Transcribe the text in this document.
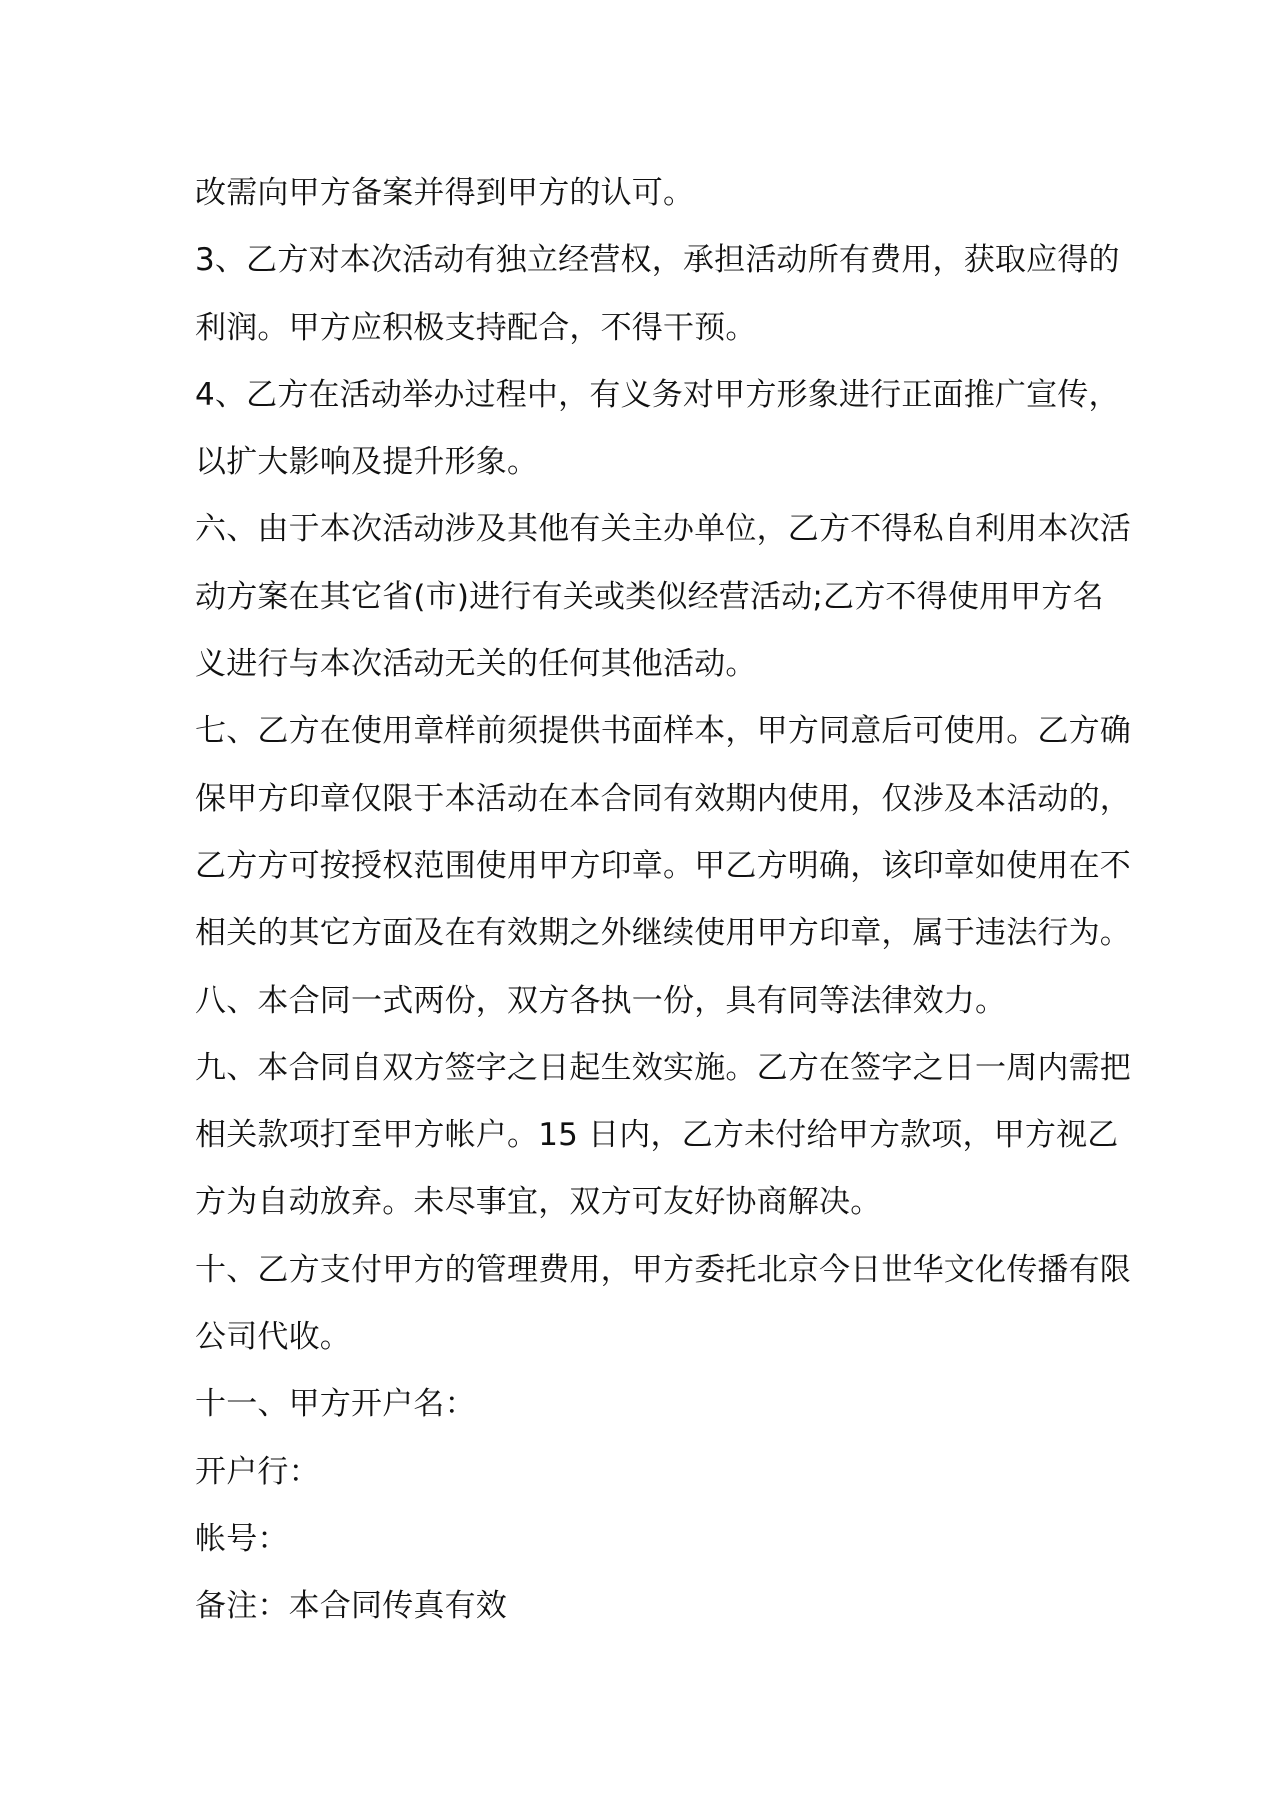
改需向甲方备案并得到甲方的认可。
3、乙方对本次活动有独立经营权，承担活动所有费用，获取应得的
利润。甲方应积极支持配合，不得干预。
4、乙方在活动举办过程中，有义务对甲方形象进行正面推广宣传，
以扩大影响及提升形象。
六、由于本次活动涉及其他有关主办单位，乙方不得私自利用本次活
动方案在其它省(市)进行有关或类似经营活动;乙方不得使用甲方名
义进行与本次活动无关的任何其他活动。
七、乙方在使用章样前须提供书面样本，甲方同意后可使用。乙方确
保甲方印章仅限于本活动在本合同有效期内使用，仅涉及本活动的，
乙方方可按授权范围使用甲方印章。甲乙方明确，该印章如使用在不
相关的其它方面及在有效期之外继续使用甲方印章，属于违法行为。
八、本合同一式两份，双方各执一份，具有同等法律效力。
九、本合同自双方签字之日起生效实施。乙方在签字之日一周内需把
相关款项打至甲方帐户。15 日内，乙方未付给甲方款项，甲方视乙
方为自动放弃。未尽事宜，双方可友好协商解决。
十、乙方支付甲方的管理费用，甲方委托北京今日世华文化传播有限
公司代收。
十一、甲方开户名：
开户行：
帐号：
备注：本合同传真有效
